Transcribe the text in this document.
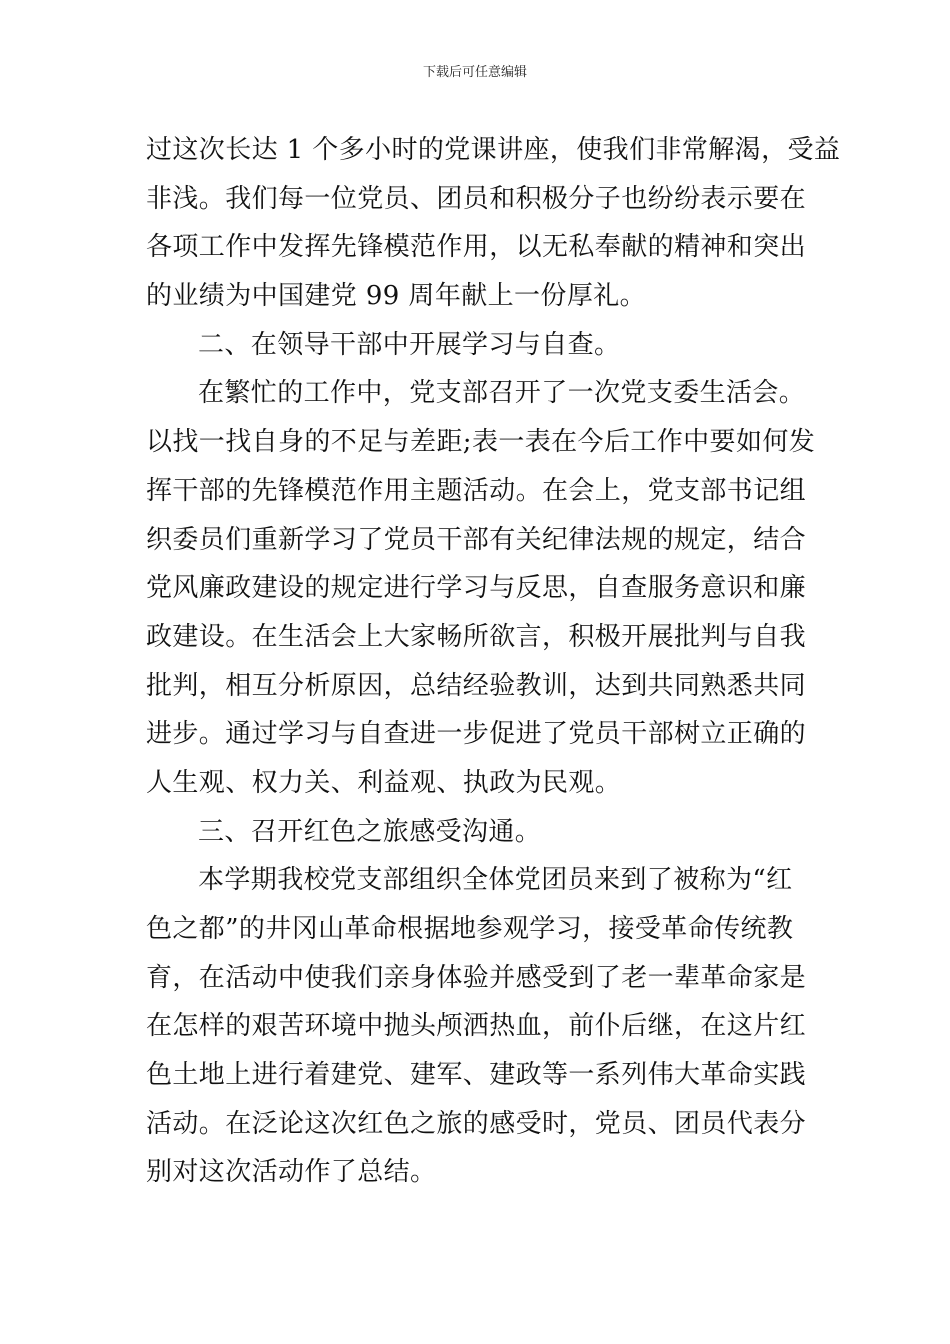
下载后可任意编辑
过这次长达 1 个多小时的党课讲座，使我们非常解渴，受益
非浅。我们每一位党员、团员和积极分子也纷纷表示要在
各项工作中发挥先锋模范作用，以无私奉献的精神和突出
的业绩为中国建党 99 周年献上一份厚礼。
二、在领导干部中开展学习与自查。
在繁忙的工作中，党支部召开了一次党支委生活会。
以找一找自身的不足与差距;表一表在今后工作中要如何发
挥干部的先锋模范作用主题活动。在会上，党支部书记组
织委员们重新学习了党员干部有关纪律法规的规定，结合
党风廉政建设的规定进行学习与反思，自查服务意识和廉
政建设。在生活会上大家畅所欲言，积极开展批判与自我
批判，相互分析原因，总结经验教训，达到共同熟悉共同
进步。通过学习与自查进一步促进了党员干部树立正确的
人生观、权力关、利益观、执政为民观。
三、召开红色之旅感受沟通。
本学期我校党支部组织全体党团员来到了被称为“红
色之都”的井冈山革命根据地参观学习，接受革命传统教
育，在活动中使我们亲身体验并感受到了老一辈革命家是
在怎样的艰苦环境中抛头颅洒热血，前仆后继，在这片红
色土地上进行着建党、建军、建政等一系列伟大革命实践
活动。在泛论这次红色之旅的感受时，党员、团员代表分
别对这次活动作了总结。
